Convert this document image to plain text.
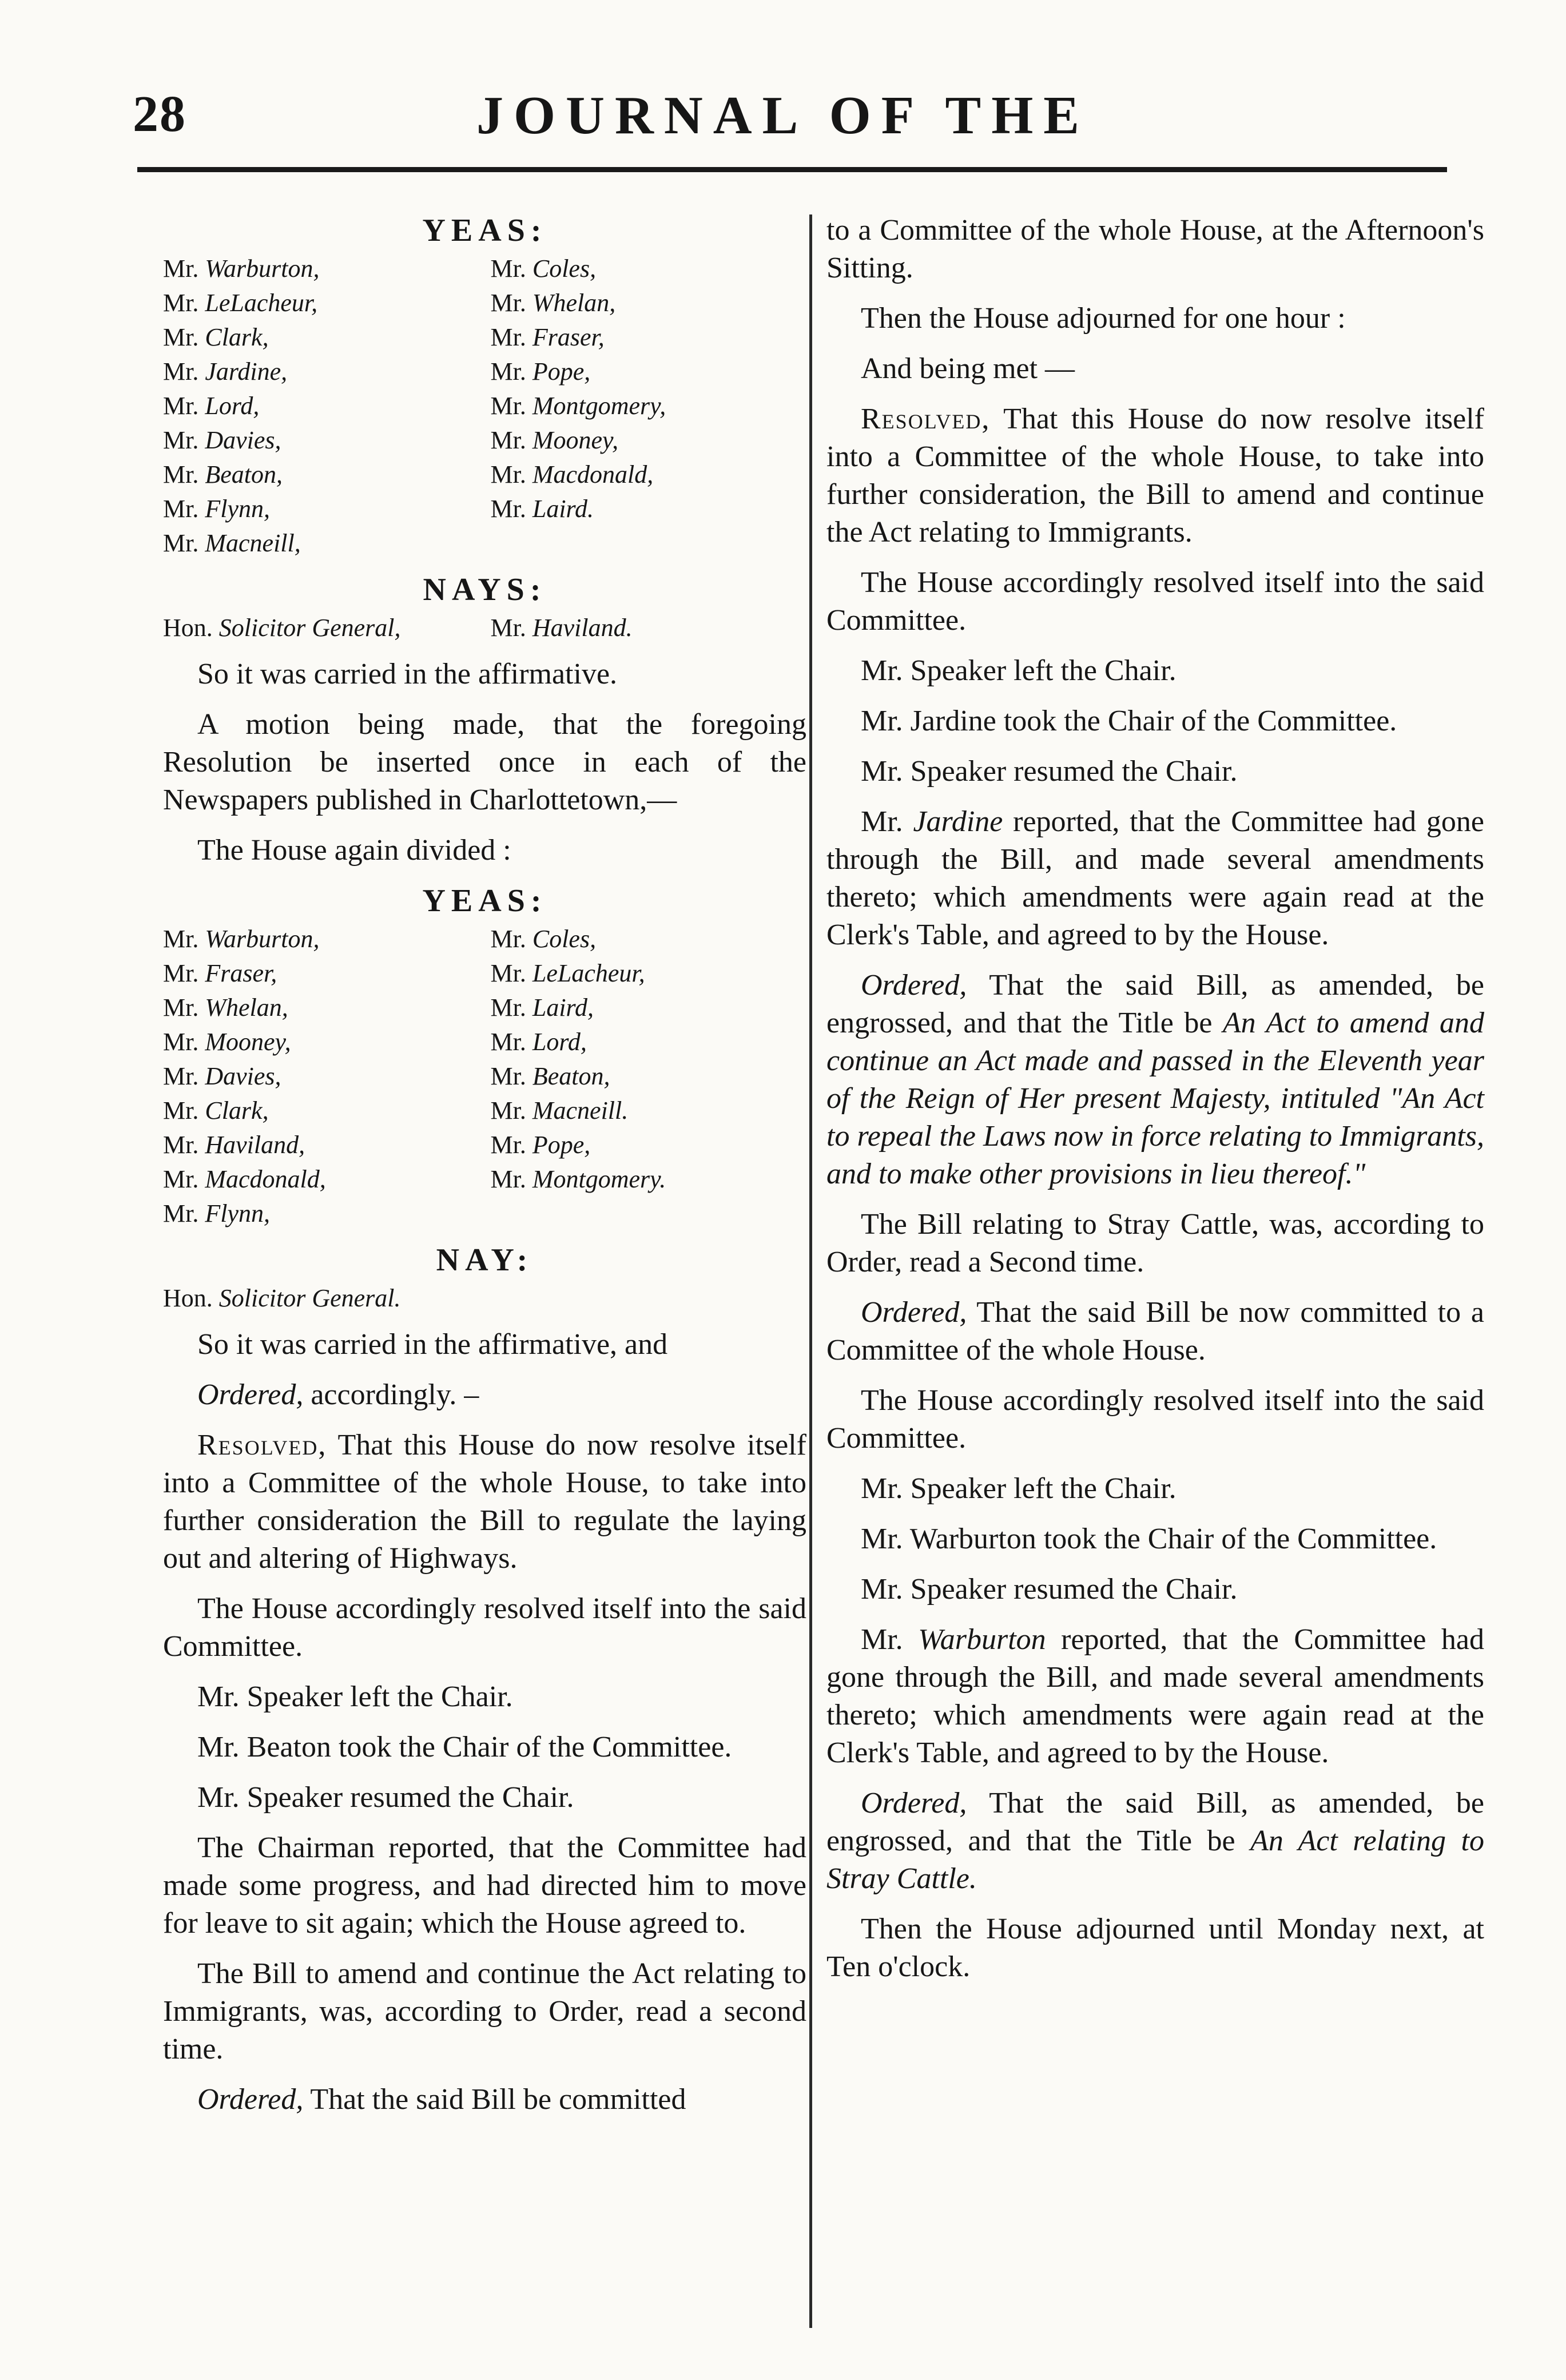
28	JOURNAL OF THE
YEAS:
Mr. Warburton,
Mr. LeLacheur,
Mr. Clark,
Mr. Jardine,
Mr. Lord,
Mr. Davies,
Mr. Beaton,
Mr. Flynn,
Mr. Macneill,
Mr. Coles,
Mr. Whelan,
Mr. Fraser,
Mr. Pope,
Mr. Montgomery,
Mr. Mooney,
Mr. Macdonald,
Mr. Laird.
NAYS:
Hon. Solicitor General,	Mr. Haviland.

So it was carried in the affirmative.

A motion being made, that the foregoing Resolution be inserted once in each of the Newspapers published in Charlottetown,—

The House again divided :

YEAS:
Mr. Warburton,
Mr. Fraser,
Mr. Whelan,
Mr. Mooney,
Mr. Davies,
Mr. Clark,
Mr. Haviland,
Mr. Macdonald,
Mr. Flynn,
Mr. Coles,
Mr. LeLacheur,
Mr. Laird,
Mr. Lord,
Mr. Beaton,
Mr. Macneill.
Mr. Pope,
Mr. Montgomery.
NAY:
Hon. Solicitor General.

So it was carried in the affirmative, and

Ordered, accordingly. –

Resolved, That this House do now resolve itself into a Committee of the whole House, to take into further consideration the Bill to regulate the laying out and altering of Highways.

The House accordingly resolved itself into the said Committee.

Mr. Speaker left the Chair.

Mr. Beaton took the Chair of the Committee.

Mr. Speaker resumed the Chair.

The Chairman reported, that the Committee had made some progress, and had directed him to move for leave to sit again; which the House agreed to.

The Bill to amend and continue the Act relating to Immigrants, was, according to Order, read a second time.

Ordered, That the said Bill be committed

to a Committee of the whole House, at the Afternoon's Sitting.

Then the House adjourned for one hour :

And being met —

Resolved, That this House do now resolve itself into a Committee of the whole House, to take into further consideration, the Bill to amend and continue the Act relating to Immigrants.

The House accordingly resolved itself into the said Committee.

Mr. Speaker left the Chair.

Mr. Jardine took the Chair of the Committee.

Mr. Speaker resumed the Chair.

Mr. Jardine reported, that the Committee had gone through the Bill, and made several amendments thereto; which amendments were again read at the Clerk's Table, and agreed to by the House.

Ordered, That the said Bill, as amended, be engrossed, and that the Title be An Act to amend and continue an Act made and passed in the Eleventh year of the Reign of Her present Majesty, intituled "An Act to repeal the Laws now in force relating to Immigrants, and to make other provisions in lieu thereof."

The Bill relating to Stray Cattle, was, according to Order, read a Second time.

Ordered, That the said Bill be now committed to a Committee of the whole House.

The House accordingly resolved itself into the said Committee.

Mr. Speaker left the Chair.

Mr. Warburton took the Chair of the Committee.

Mr. Speaker resumed the Chair.

Mr. Warburton reported, that the Committee had gone through the Bill, and made several amendments thereto; which amendments were again read at the Clerk's Table, and agreed to by the House.

Ordered, That the said Bill, as amended, be engrossed, and that the Title be An Act relating to Stray Cattle.

Then the House adjourned until Monday next, at Ten o'clock.
